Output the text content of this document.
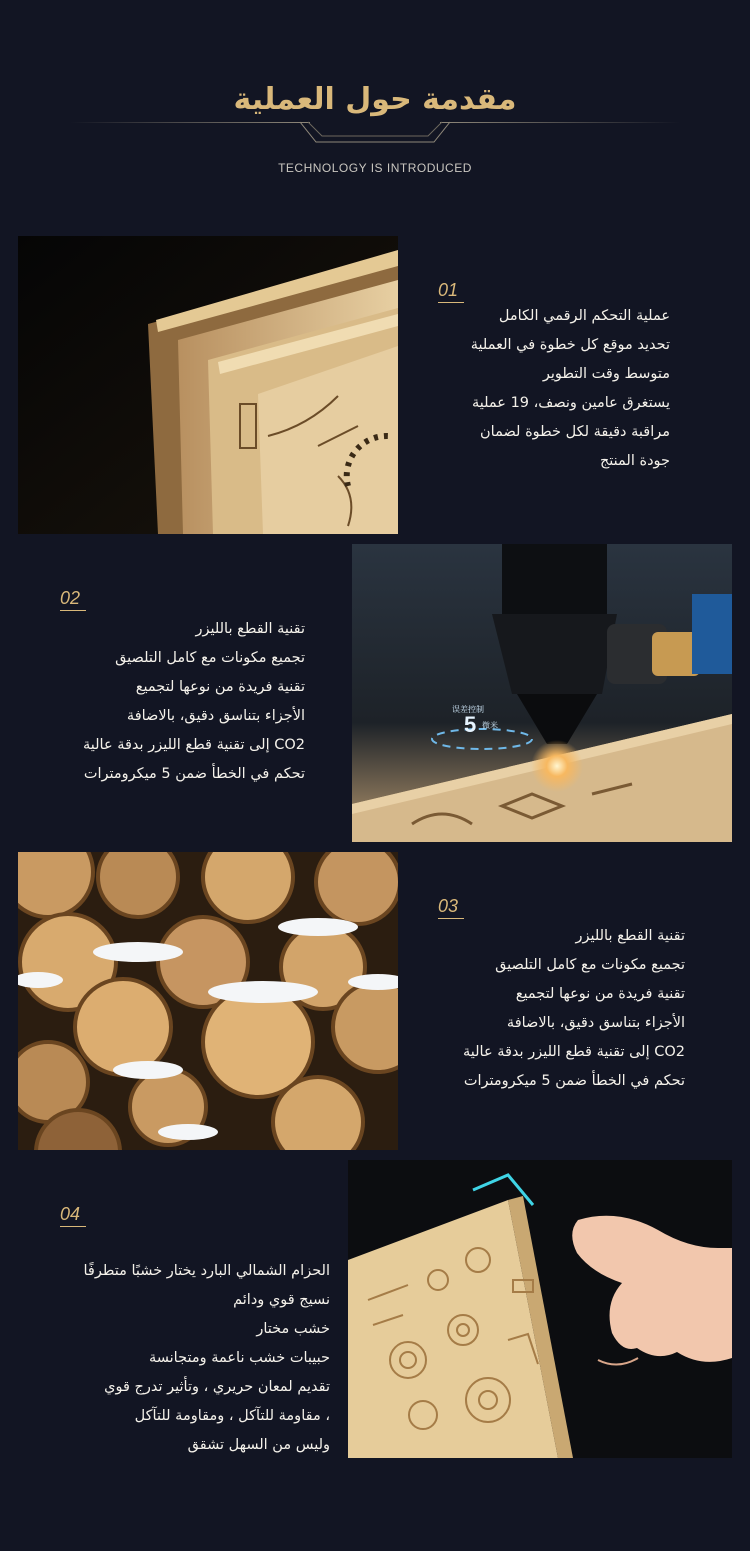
مقدمة حول العملية
TECHNOLOGY IS INTRODUCED
01
عملية التحكم الرقمي الكامل
تحديد موقع كل خطوة في العملية
متوسط وقت التطوير
يستغرق عامين ونصف، 19 عملية
مراقبة دقيقة لكل خطوة لضمان
جودة المنتج
02
تقنية القطع بالليزر
تجميع مكونات مع كامل التلصيق
تقنية فريدة من نوعها لتجميع
الأجزاء بتناسق دقيق، بالاضافة
CO2 إلى تقنية قطع الليزر بدقة عالية
تحكم في الخطأ ضمن 5 ميكرومترات
误差控制
5 微米
03
تقنية القطع بالليزر
تجميع مكونات مع كامل التلصيق
تقنية فريدة من نوعها لتجميع
الأجزاء بتناسق دقيق، بالاضافة
CO2 إلى تقنية قطع الليزر بدقة عالية
تحكم في الخطأ ضمن 5 ميكرومترات
04
الحزام الشمالي البارد يختار خشبًا متطرفًا
نسيج قوي ودائم
خشب مختار
حبيبات خشب ناعمة ومتجانسة
تقديم لمعان حريري ، وتأثير تدرج قوي
، مقاومة للتآكل ، ومقاومة للتآكل
وليس من السهل تشقق
